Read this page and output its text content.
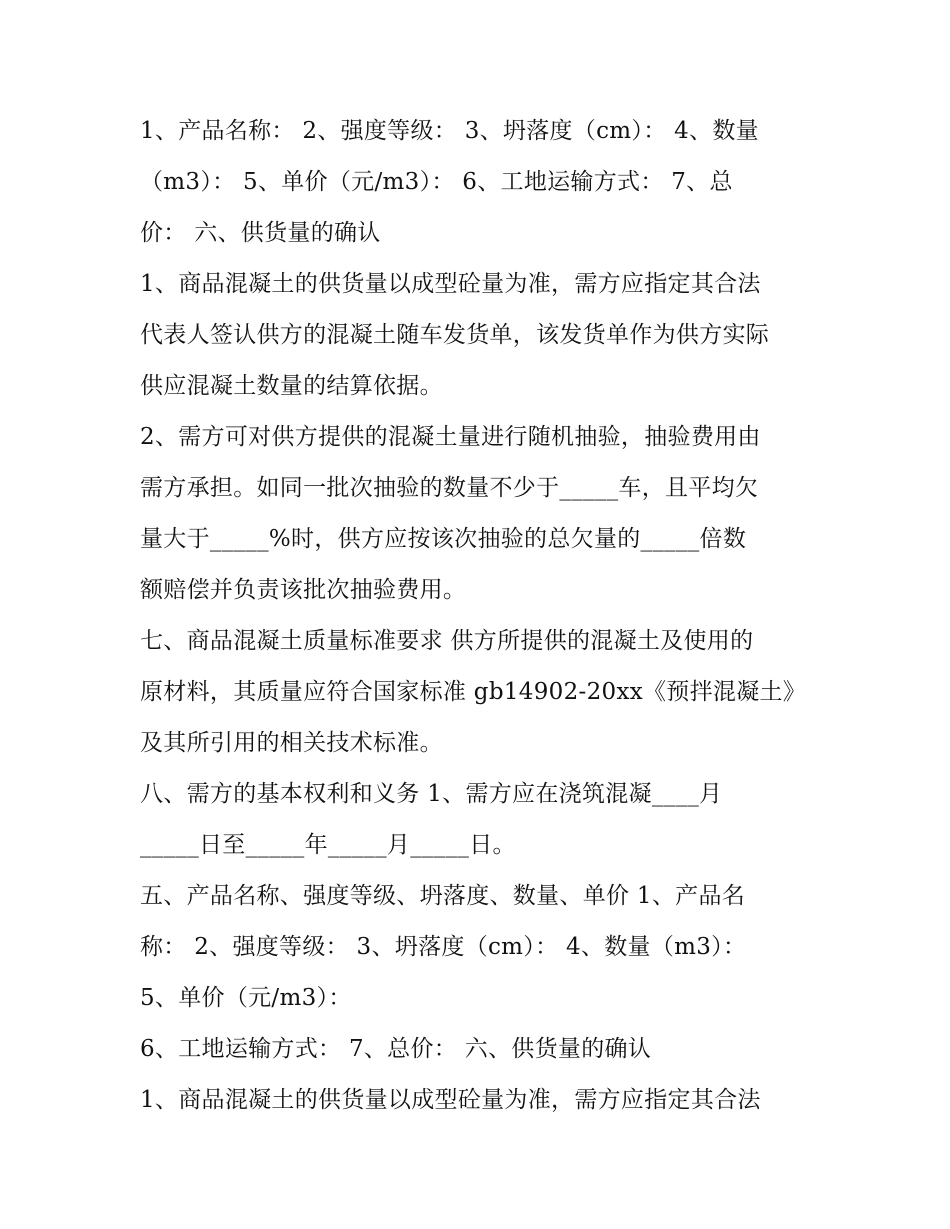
1、产品名称： 2、强度等级： 3、坍落度（cm）： 4、数量
（m3）： 5、单价（元/m3）： 6、工地运输方式： 7、总
价： 六、供货量的确认
1、商品混凝土的供货量以成型砼量为准，需方应指定其合法
代表人签认供方的混凝土随车发货单，该发货单作为供方实际
供应混凝土数量的结算依据。
2、需方可对供方提供的混凝土量进行随机抽验，抽验费用由
需方承担。如同一批次抽验的数量不少于_____车，且平均欠
量大于_____%时，供方应按该次抽验的总欠量的_____倍数
额赔偿并负责该批次抽验费用。
七、商品混凝土质量标准要求 供方所提供的混凝土及使用的
原材料，其质量应符合国家标准 gb14902-20xx《预拌混凝土》
及其所引用的相关技术标准。
八、需方的基本权利和义务 1、需方应在浇筑混凝____月
_____日至_____年_____月_____日。
五、产品名称、强度等级、坍落度、数量、单价 1、产品名
称： 2、强度等级： 3、坍落度（cm）： 4、数量（m3）：
5、单价（元/m3）：
6、工地运输方式： 7、总价： 六、供货量的确认
1、商品混凝土的供货量以成型砼量为准，需方应指定其合法
